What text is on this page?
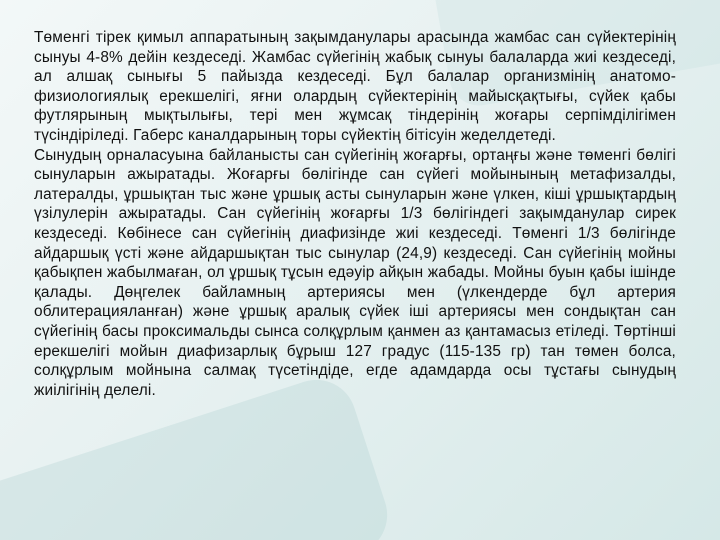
Төменгі тірек қимыл аппаратының зақымданулары арасында жамбас сан сүйектерінің сынуы 4-8% дейін кездеседі. Жамбас сүйегінің жабық сынуы балаларда жиі кездеседі, ал алшақ сынығы 5 пайызда кездеседі. Бұл балалар организмінің анатомо-физиологиялық ерекшелігі, яғни олардың сүйектерінің майысқақтығы, сүйек қабы футлярының мықтылығы, тері мен жұмсақ тіндерінің жоғары серпімділігімен түсіндіріледі. Габерс каналдарының торы сүйектің бітісуін жеделдетеді.

Сынудың орналасуына байланысты сан сүйегінің жоғарғы, ортаңғы және төменгі бөлігі сынуларын ажыратады. Жоғарғы бөлігінде сан сүйегі мойынының метафизалды, латералды, ұршықтан тыс және ұршық асты сынуларын және үлкен, кіші ұршықтардың үзілулерін ажыратады. Сан сүйегінің жоғарғы 1/3 бөлігіндегі зақымданулар сирек кездеседі. Көбінесе сан сүйегінің диафизінде жиі кездеседі. Төменгі 1/3 бөлігінде айдаршық үсті және айдаршықтан тыс сынулар (24,9) кездеседі. Сан сүйегінің мойны қабықпен жабылмаған, ол ұршық тұсын едәуір айқын жабады. Мойны буын қабы ішінде қалады. Дөңгелек байламның артериясы мен (үлкендерде бұл артерия облитерацияланған) және ұршық аралық сүйек іші артериясы мен сондықтан сан сүйегінің басы проксимальды сынса солқұрлым қанмен аз қантамасыз етіледі. Төртінші ерекшелігі мойын диафизарлық бұрыш 127 градус (115-135 гр) тан төмен болса, солқұрлым мойнына салмақ түсетіндіде, егде адамдарда осы тұстағы сынудың жиілігінің делелі.
